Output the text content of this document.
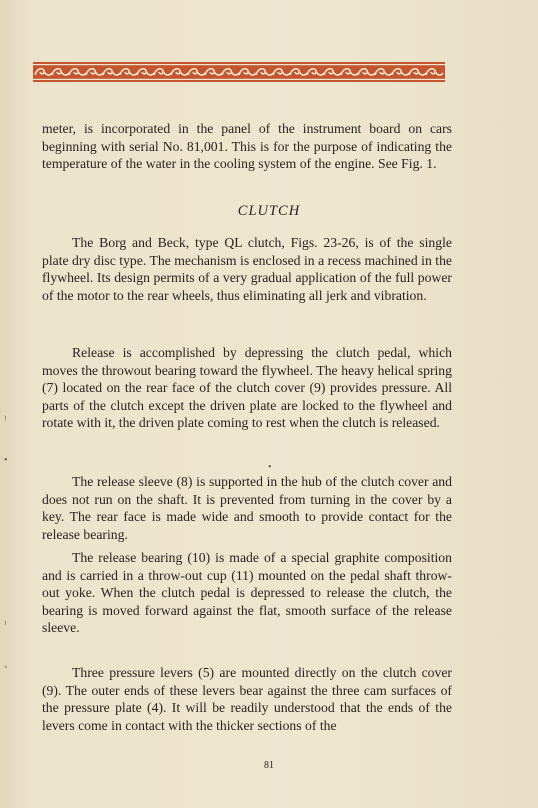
meter, is incorporated in the panel of the instrument board on cars beginning with serial No. 81,001. This is for the purpose of indicating the temperature of the water in the cooling system of the engine. See Fig. 1.

CLUTCH

The Borg and Beck, type QL clutch, Figs. 23-26, is of the single plate dry disc type. The mechanism is enclosed in a recess machined in the flywheel. Its design permits of a very gradual application of the full power of the motor to the rear wheels, thus eliminating all jerk and vibration.

Release is accomplished by depressing the clutch pedal, which moves the throwout bearing toward the flywheel. The heavy helical spring (7) located on the rear face of the clutch cover (9) provides pressure. All parts of the clutch except the driven plate are locked to the flywheel and rotate with it, the driven plate coming to rest when the clutch is released.

The release sleeve (8) is supported in the hub of the clutch cover and does not run on the shaft. It is prevented from turning in the cover by a key. The rear face is made wide and smooth to provide contact for the release bearing.

The release bearing (10) is made of a special graphite composition and is carried in a throw-out cup (11) mounted on the pedal shaft throw-out yoke. When the clutch pedal is depressed to release the clutch, the bearing is moved forward against the flat, smooth surface of the release sleeve.

Three pressure levers (5) are mounted directly on the clutch cover (9). The outer ends of these levers bear against the three cam surfaces of the pressure plate (4). It will be readily understood that the ends of the levers come in contact with the thicker sections of the

81
⁾
•
⁾
◦
•
